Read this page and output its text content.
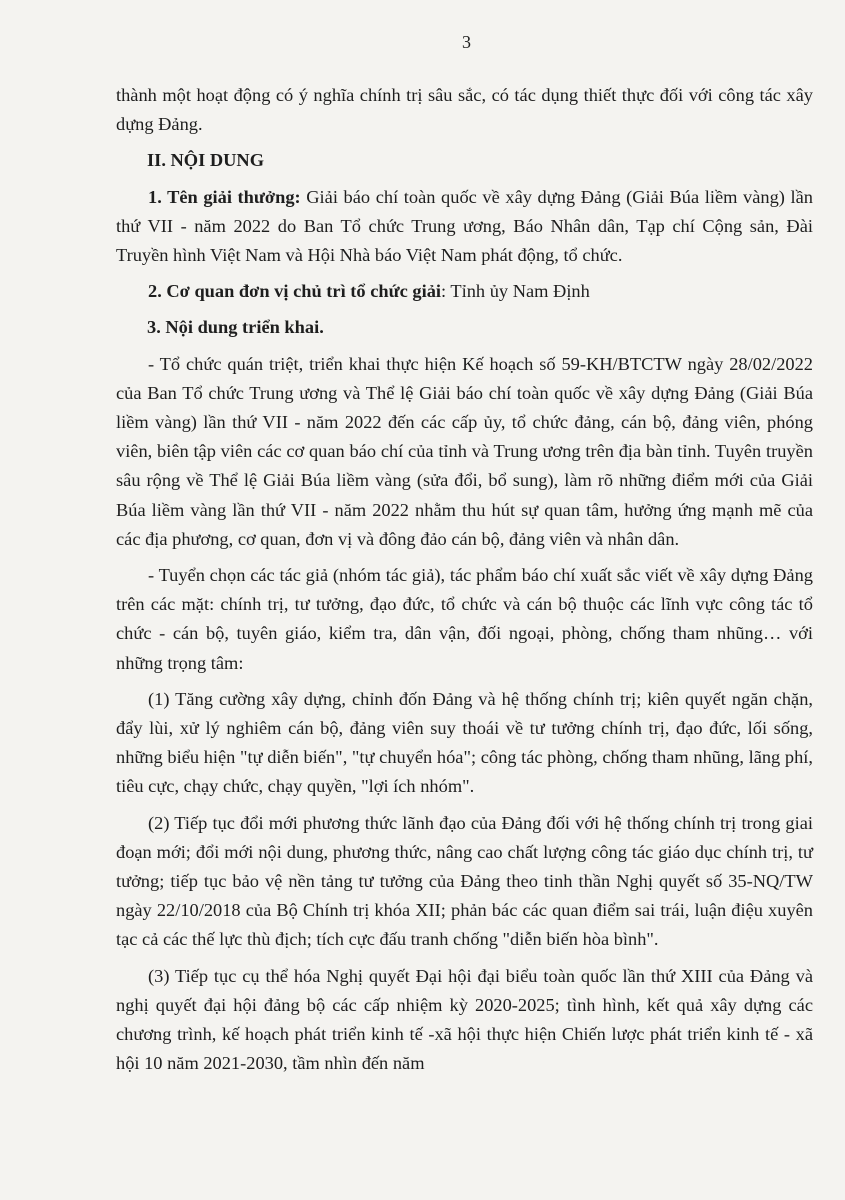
3

thành một hoạt động có ý nghĩa chính trị sâu sắc, có tác dụng thiết thực đối với công tác xây dựng Đảng.

II. NỘI DUNG

1. Tên giải thưởng: Giải báo chí toàn quốc về xây dựng Đảng (Giải Búa liềm vàng) lần thứ VII - năm 2022 do Ban Tổ chức Trung ương, Báo Nhân dân, Tạp chí Cộng sản, Đài Truyền hình Việt Nam và Hội Nhà báo Việt Nam phát động, tổ chức.

2. Cơ quan đơn vị chủ trì tổ chức giải: Tỉnh ủy Nam Định

3. Nội dung triển khai.

- Tổ chức quán triệt, triển khai thực hiện Kế hoạch số 59-KH/BTCTW ngày 28/02/2022 của Ban Tổ chức Trung ương và Thể lệ Giải báo chí toàn quốc về xây dựng Đảng (Giải Búa liềm vàng) lần thứ VII - năm 2022 đến các cấp ủy, tổ chức đảng, cán bộ, đảng viên, phóng viên, biên tập viên các cơ quan báo chí của tỉnh và Trung ương trên địa bàn tỉnh. Tuyên truyền sâu rộng về Thể lệ Giải Búa liềm vàng (sửa đổi, bổ sung), làm rõ những điểm mới của Giải Búa liềm vàng lần thứ VII - năm 2022 nhằm thu hút sự quan tâm, hưởng ứng mạnh mẽ của các địa phương, cơ quan, đơn vị và đông đảo cán bộ, đảng viên và nhân dân.

- Tuyển chọn các tác giả (nhóm tác giả), tác phẩm báo chí xuất sắc viết về xây dựng Đảng trên các mặt: chính trị, tư tưởng, đạo đức, tổ chức và cán bộ thuộc các lĩnh vực công tác tổ chức - cán bộ, tuyên giáo, kiểm tra, dân vận, đối ngoại, phòng, chống tham nhũng… với những trọng tâm:

(1) Tăng cường xây dựng, chỉnh đốn Đảng và hệ thống chính trị; kiên quyết ngăn chặn, đẩy lùi, xử lý nghiêm cán bộ, đảng viên suy thoái về tư tưởng chính trị, đạo đức, lối sống, những biểu hiện "tự diễn biến", "tự chuyển hóa"; công tác phòng, chống tham nhũng, lãng phí, tiêu cực, chạy chức, chạy quyền, "lợi ích nhóm".

(2) Tiếp tục đổi mới phương thức lãnh đạo của Đảng đối với hệ thống chính trị trong giai đoạn mới; đổi mới nội dung, phương thức, nâng cao chất lượng công tác giáo dục chính trị, tư tưởng; tiếp tục bảo vệ nền tảng tư tưởng của Đảng theo tinh thần Nghị quyết số 35-NQ/TW ngày 22/10/2018 của Bộ Chính trị khóa XII; phản bác các quan điểm sai trái, luận điệu xuyên tạc cả các thế lực thù địch; tích cực đấu tranh chống "diễn biến hòa bình".

(3) Tiếp tục cụ thể hóa Nghị quyết Đại hội đại biểu toàn quốc lần thứ XIII của Đảng và nghị quyết đại hội đảng bộ các cấp nhiệm kỳ 2020-2025; tình hình, kết quả xây dựng các chương trình, kế hoạch phát triển kinh tế -xã hội thực hiện Chiến lược phát triển kinh tế - xã hội 10 năm 2021-2030, tầm nhìn đến năm
